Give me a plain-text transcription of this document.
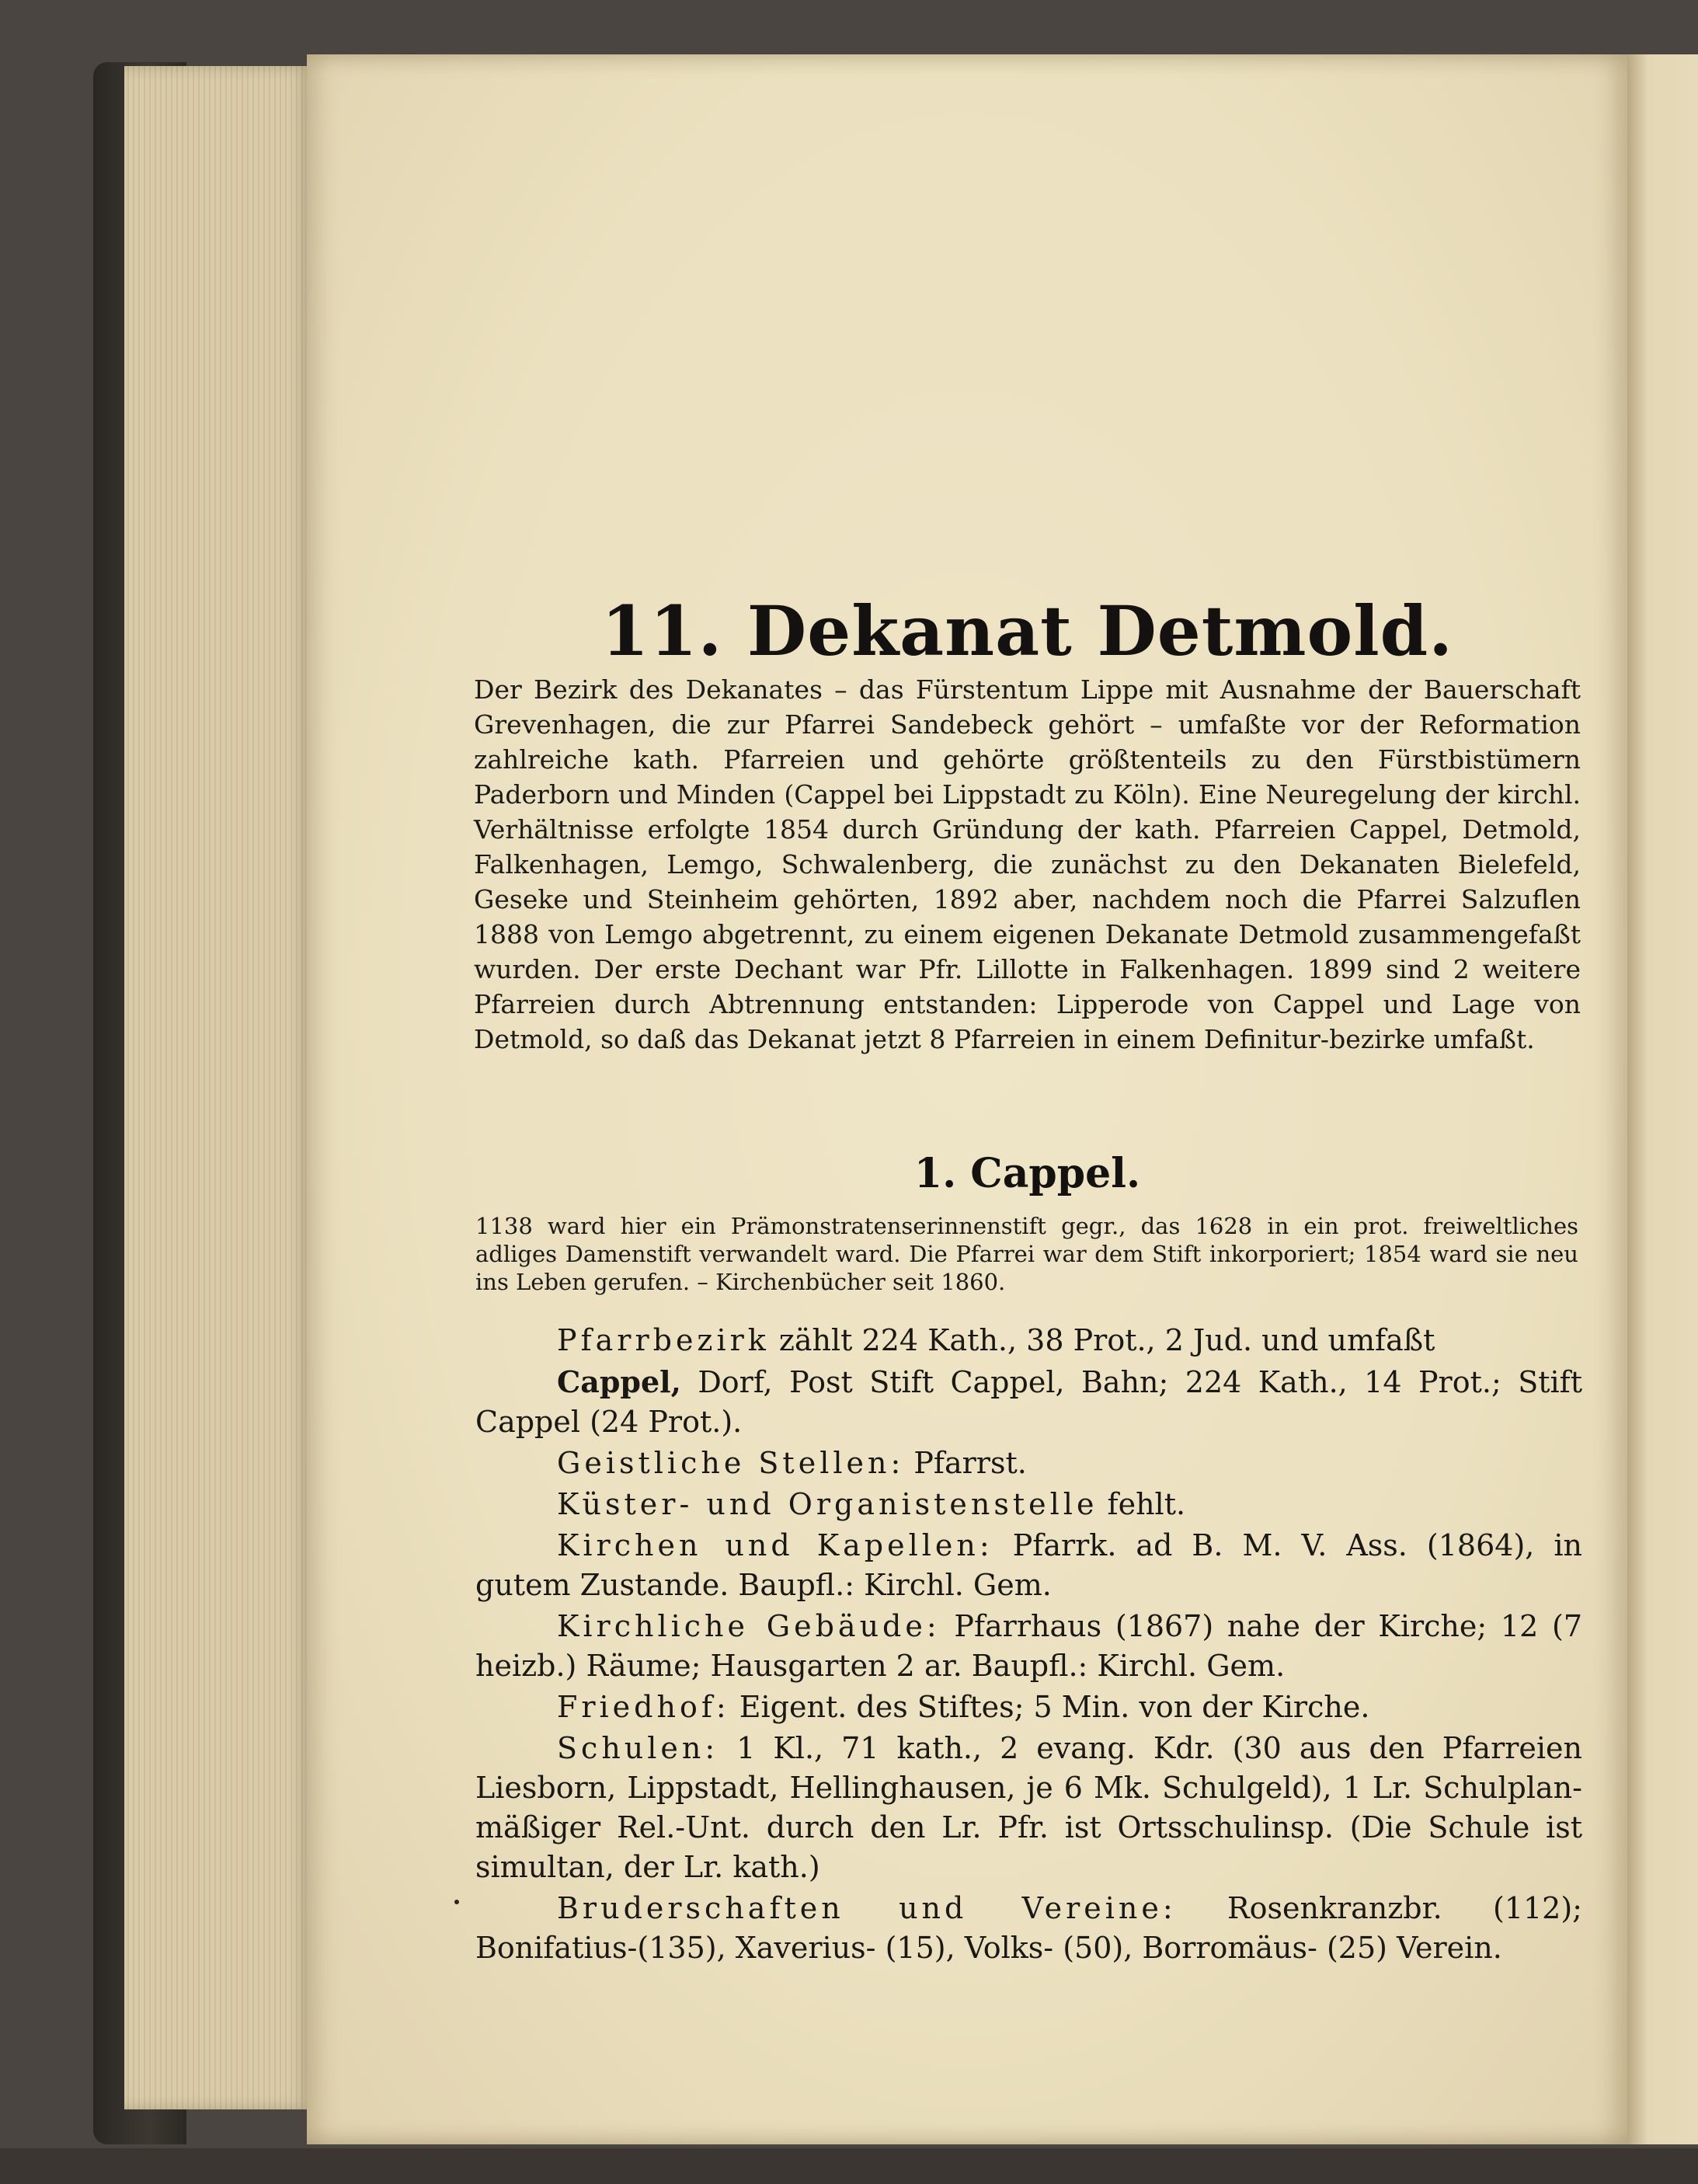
11. Dekanat Detmold.
Der Bezirk des Dekanates – das Fürstentum Lippe mit Ausnahme der Bauerschaft Grevenhagen, die zur Pfarrei Sandebeck gehört – umfaßte vor der Reformation zahlreiche kath. Pfarreien und gehörte größtenteils zu den Fürstbistümern Paderborn und Minden (Cappel bei Lippstadt zu Köln). Eine Neuregelung der kirchl. Verhältnisse erfolgte 1854 durch Gründung der kath. Pfarreien Cappel, Detmold, Falkenhagen, Lemgo, Schwalenberg, die zunächst zu den Dekanaten Bielefeld, Geseke und Steinheim gehörten, 1892 aber, nachdem noch die Pfarrei Salzuflen 1888 von Lemgo abgetrennt, zu einem eigenen Dekanate Detmold zusammengefaßt wurden. Der erste Dechant war Pfr. Lillotte in Falkenhagen. 1899 sind 2 weitere Pfarreien durch Abtrennung entstanden: Lipperode von Cappel und Lage von Detmold, so daß das Dekanat jetzt 8 Pfarreien in einem Definitur-bezirke umfaßt.
1. Cappel.
1138 ward hier ein Prämonstratenserinnenstift gegr., das 1628 in ein prot. freiweltliches adliges Damenstift verwandelt ward. Die Pfarrei war dem Stift inkorporiert; 1854 ward sie neu ins Leben gerufen. – Kirchenbücher seit 1860.

Pfarrbezirk zählt 224 Kath., 38 Prot., 2 Jud. und umfaßt

Cappel, Dorf, Post Stift Cappel, Bahn; 224 Kath., 14 Prot.; Stift Cappel (24 Prot.).

Geistliche Stellen: Pfarrst.

Küster- und Organistenstelle fehlt.

Kirchen und Kapellen: Pfarrk. ad B. M. V. Ass. (1864), in gutem Zustande. Baupfl.: Kirchl. Gem.

Kirchliche Gebäude: Pfarrhaus (1867) nahe der Kirche; 12 (7 heizb.) Räume; Hausgarten 2 ar. Baupfl.: Kirchl. Gem.

Friedhof: Eigent. des Stiftes; 5 Min. von der Kirche.

Schulen: 1 Kl., 71 kath., 2 evang. Kdr. (30 aus den Pfarreien Liesborn, Lippstadt, Hellinghausen, je 6 Mk. Schulgeld), 1 Lr. Schulplan-mäßiger Rel.-Unt. durch den Lr. Pfr. ist Ortsschulinsp. (Die Schule ist simultan, der Lr. kath.)

Bruderschaften und Vereine: Rosenkranzbr. (112); Bonifatius-(135), Xaverius- (15), Volks- (50), Borromäus- (25) Verein.
